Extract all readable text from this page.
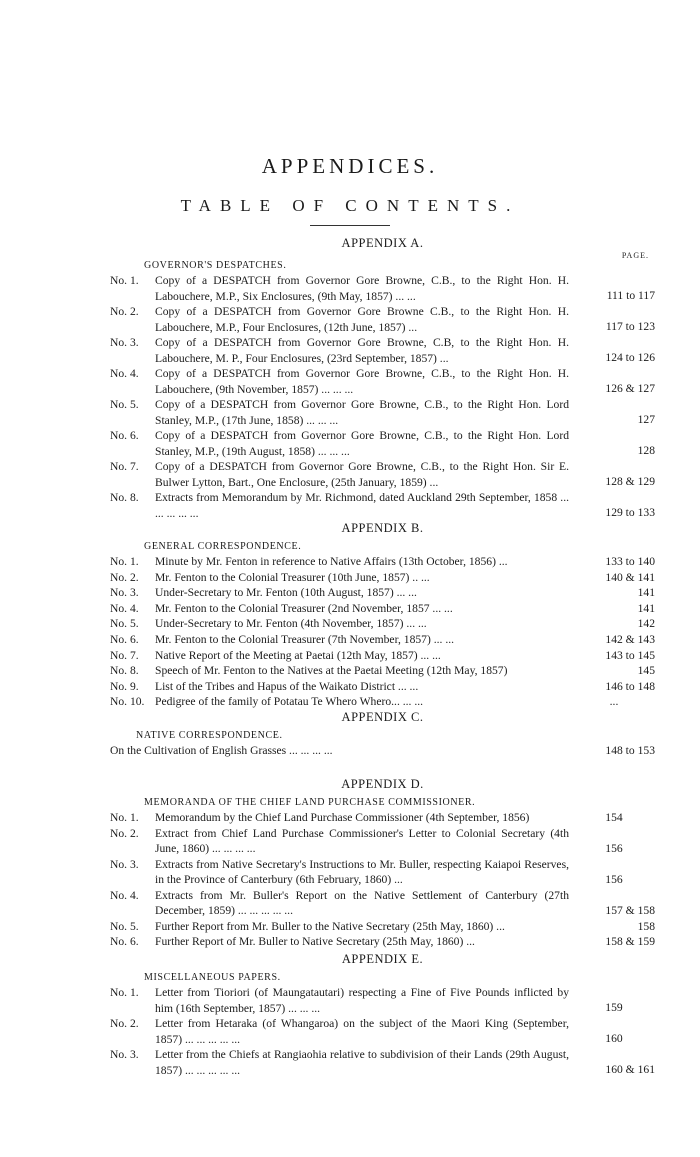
APPENDICES.
TABLE OF CONTENTS.
APPENDIX A.
PAGE.
GOVERNOR'S DESPATCHES.
No. 1.	Copy of a DESPATCH from Governor Gore Browne, C.B., to the Right Hon. H. Labouchere, M.P., Six Enclosures, (9th May, 1857) ... ...	111 to 117
No. 2.	Copy of a DESPATCH from Governor Gore Browne C.B., to the Right Hon. H. Labouchere, M.P., Four Enclosures, (12th June, 1857) ...	117 to 123
No. 3.	Copy of a DESPATCH from Governor Gore Browne, C.B, to the Right Hon. H. Labouchere, M. P., Four Enclosures, (23rd September, 1857) ...	124 to 126
No. 4.	Copy of a DESPATCH from Governor Gore Browne, C.B., to the Right Hon. H. Labouchere, (9th November, 1857) ... ... ...	126 & 127
No. 5.	Copy of a DESPATCH from Governor Gore Browne, C.B., to the Right Hon. Lord Stanley, M.P., (17th June, 1858) ... ... ...	127
No. 6.	Copy of a DESPATCH from Governor Gore Browne, C.B., to the Right Hon. Lord Stanley, M.P., (19th August, 1858) ... ... ...	128
No. 7.	Copy of a DESPATCH from Governor Gore Browne, C.B., to the Right Hon. Sir E. Bulwer Lytton, Bart., One Enclosure, (25th January, 1859) ...	128 & 129
No. 8.	Extracts from Memorandum by Mr. Richmond, dated Auckland 29th September, 1858 ... ... ... ... ...	129 to 133
APPENDIX B.
GENERAL CORRESPONDENCE.
No. 1.	Minute by Mr. Fenton in reference to Native Affairs (13th October, 1856) ...	133 to 140
No. 2.	Mr. Fenton to the Colonial Treasurer (10th June, 1857) .. ...	140 & 141
No. 3.	Under-Secretary to Mr. Fenton (10th August, 1857) ... ...	141
No. 4.	Mr. Fenton to the Colonial Treasurer (2nd November, 1857 ... ...	141
No. 5.	Under-Secretary to Mr. Fenton (4th November, 1857) ... ...	142
No. 6.	Mr. Fenton to the Colonial Treasurer (7th November, 1857) ... ...	142 & 143
No. 7.	Native Report of the Meeting at Paetai (12th May, 1857) ... ...	143 to 145
No. 8.	Speech of Mr. Fenton to the Natives at the Paetai Meeting (12th May, 1857)	145
No. 9.	List of the Tribes and Hapus of the Waikato District ... ...	146 to 148
No. 10. Pedigree of the family of Potatau Te Whero Whero... ... ...	...
APPENDIX C.
NATIVE CORRESPONDENCE.
On the Cultivation of English Grasses ... ... ... ...	148 to 153
APPENDIX D.
MEMORANDA OF THE CHIEF LAND PURCHASE COMMISSIONER.
No. 1.	Memorandum by the Chief Land Purchase Commissioner (4th September, 1856)	154
No. 2.	Extract from Chief Land Purchase Commissioner's Letter to Colonial Secretary (4th June, 1860) ... ... ... ...	156
No. 3.	Extracts from Native Secretary's Instructions to Mr. Buller, respecting Kaiapoi Reserves, in the Province of Canterbury (6th February, 1860) ...	156
No. 4.	Extracts from Mr. Buller's Report on the Native Settlement of Canterbury (27th December, 1859) ... ... ... ... ...	157 & 158
No. 5.	Further Report from Mr. Buller to the Native Secretary (25th May, 1860) ...	158
No. 6.	Further Report of Mr. Buller to Native Secretary (25th May, 1860) ...	158 & 159
APPENDIX E.
MISCELLANEOUS PAPERS.
No. 1.	Letter from Tioriori (of Maungatautari) respecting a Fine of Five Pounds inflicted by him (16th September, 1857) ... ... ...	159
No. 2.	Letter from Hetaraka (of Whangaroa) on the subject of the Maori King (September, 1857) ... ... ... ... ...	160
No. 3.	Letter from the Chiefs at Rangiaohia relative to subdivision of their Lands (29th August, 1857) ... ... ... ... ...	160 & 161
